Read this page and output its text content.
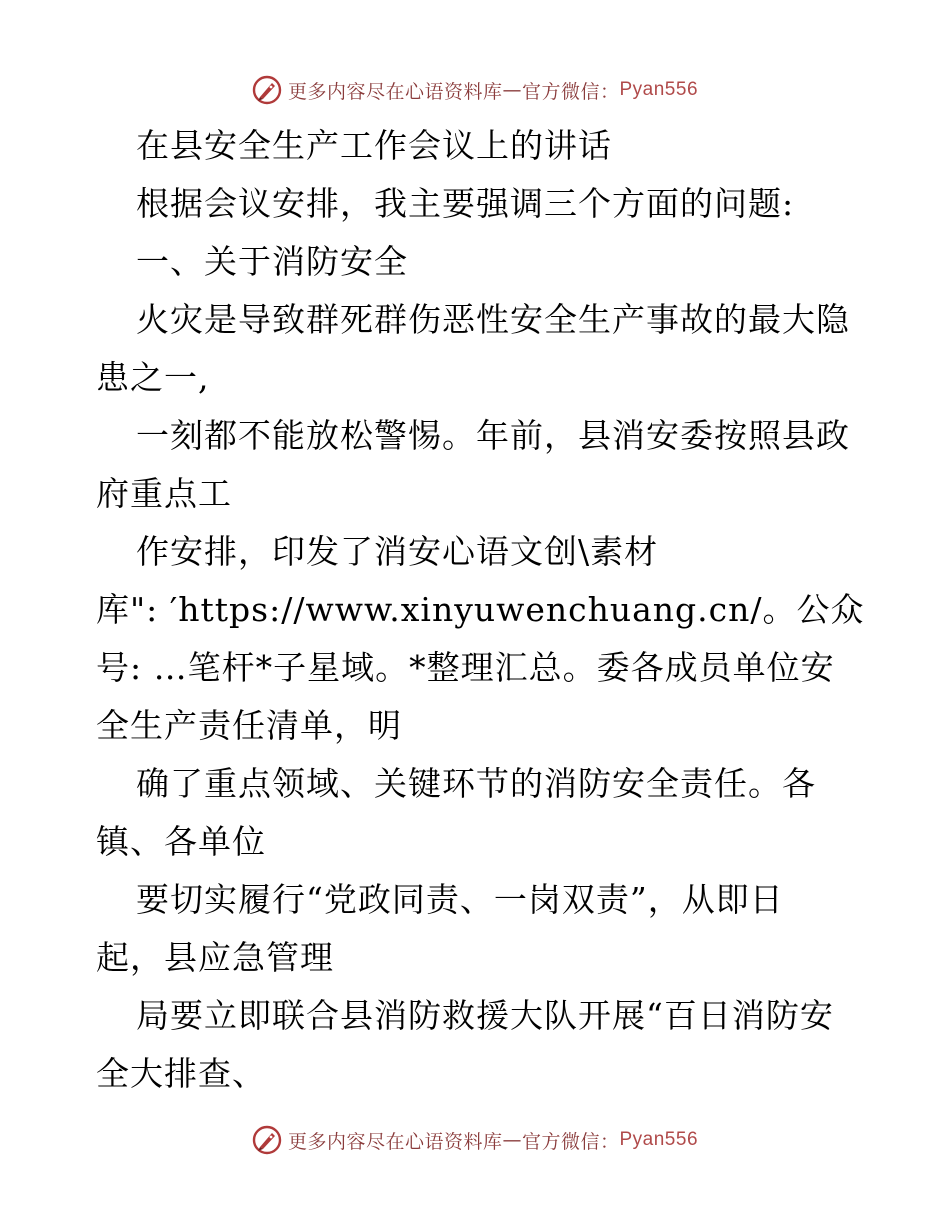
更多内容尽在心语资料库 — 官方微信： Pyan556
在县安全生产工作会议上的讲话
根据会议安排，我主要强调三个方面的问题:
一、关于消防安全
火灾是导致群死群伤恶性安全生产事故的最大隐
患之一,
一刻都不能放松警惕。年前，县消安委按照县政
府重点工
作安排，印发了消安心语文创\素材
库": ′https://www.xinyuwenchuang.cn/。公众
号: …笔杆*子星域。*整理汇总。委各成员单位安
全生产责任清单，明
确了重点领域、关键环节的消防安全责任。各
镇、各单位
要切实履行“党政同责、一岗双责”，从即日
起，县应急管理
局要立即联合县消防救援大队开展“百日消防安
全大排查、
更多内容尽在心语资料库 — 官方微信： Pyan556
